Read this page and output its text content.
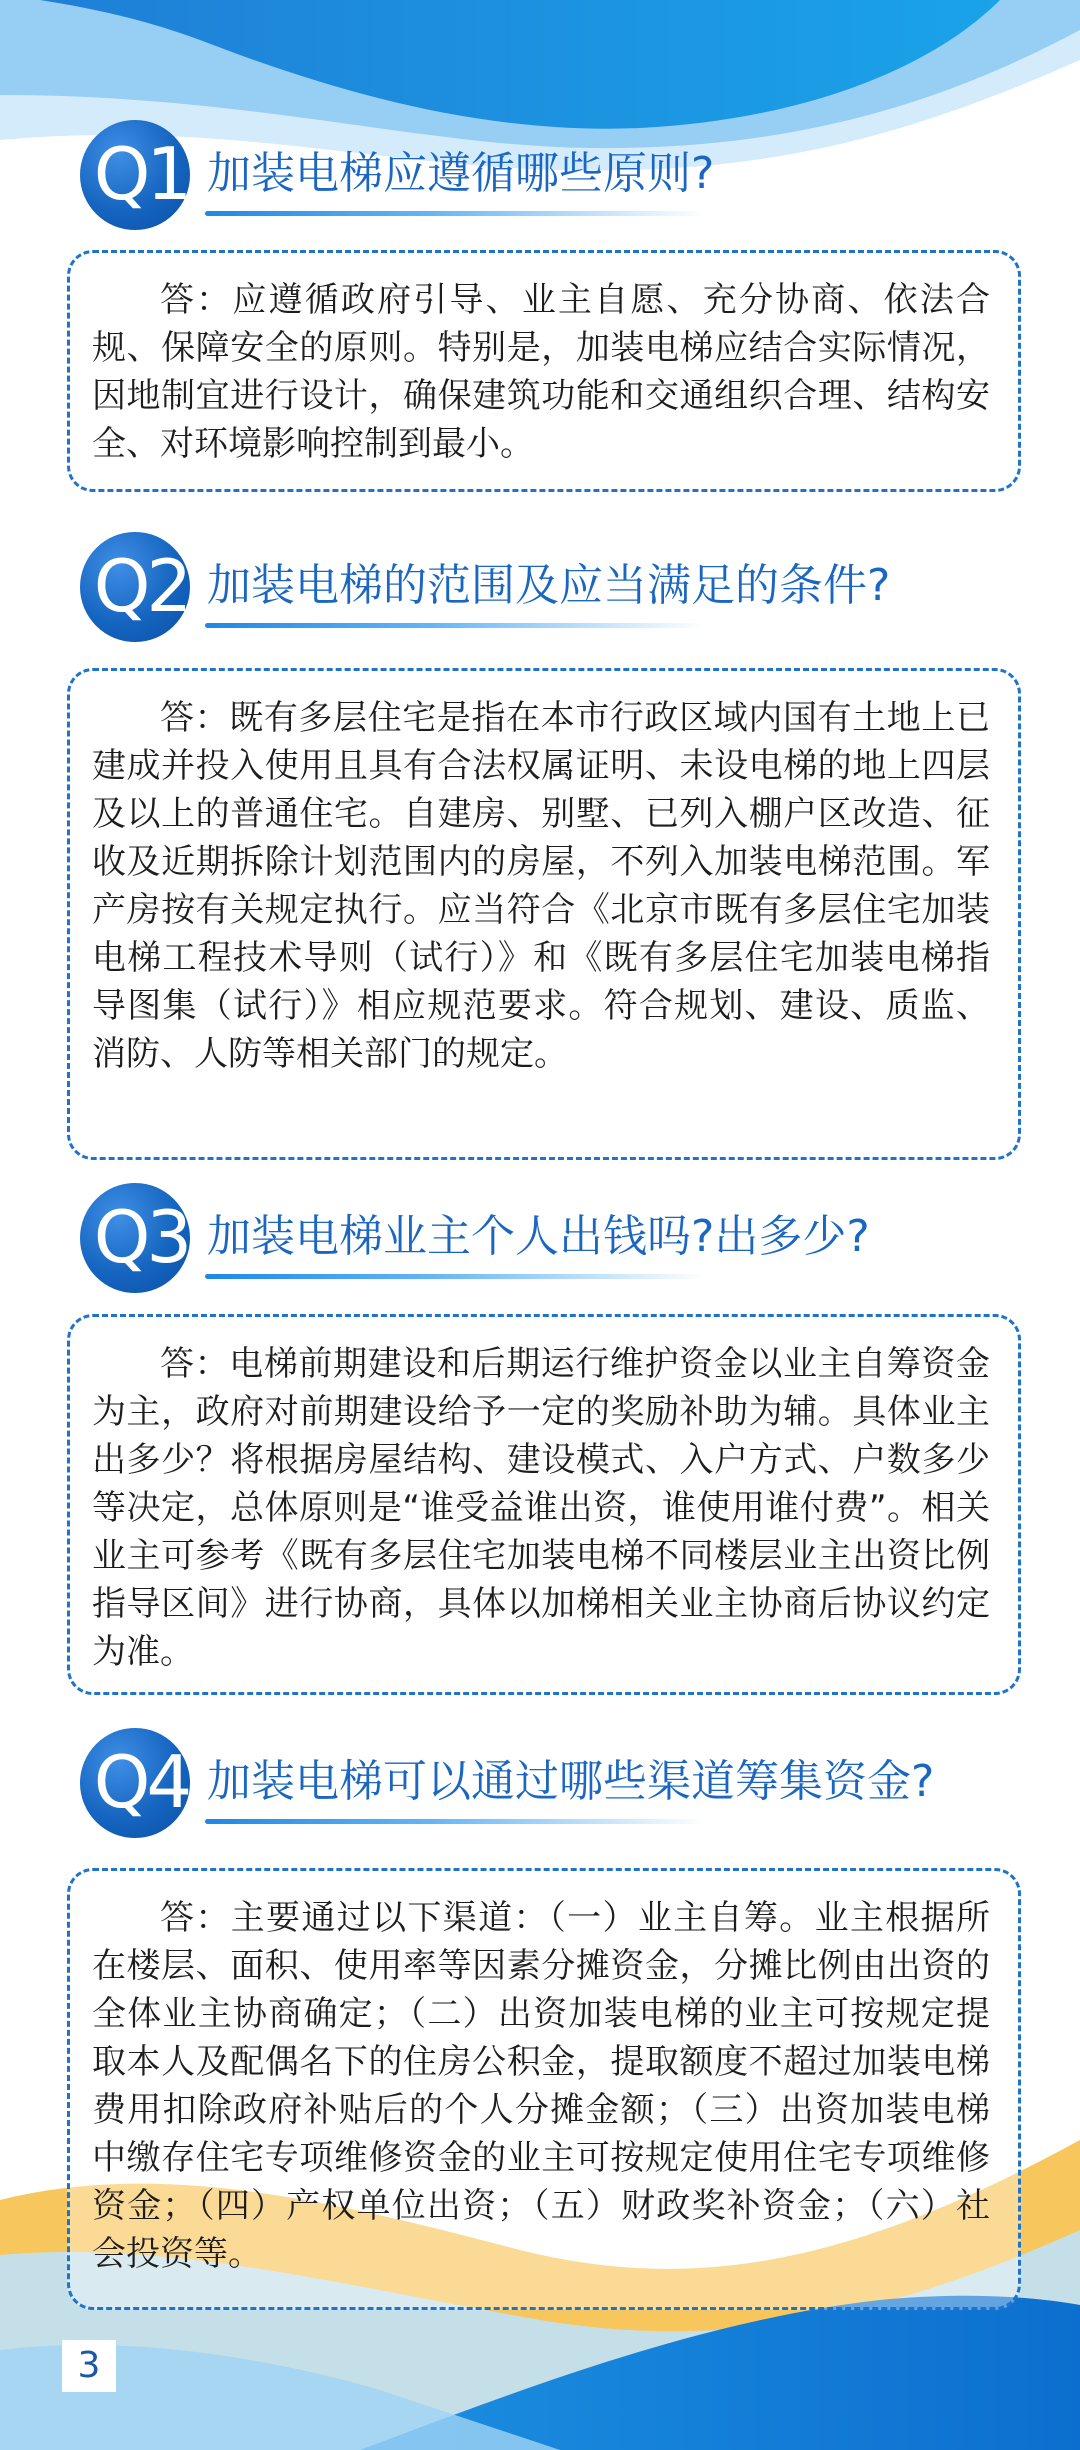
Q1 加装电梯应遵循哪些原则?

答：应遵循政府引导、业主自愿、充分协商、依法合规、保障安全的原则。特别是，加装电梯应结合实际情况，因地制宜进行设计，确保建筑功能和交通组织合理、结构安全、对环境影响控制到最小。

Q2 加装电梯的范围及应当满足的条件?

答：既有多层住宅是指在本市行政区域内国有土地上已建成并投入使用且具有合法权属证明、未设电梯的地上四层及以上的普通住宅。自建房、别墅、已列入棚户区改造、征收及近期拆除计划范围内的房屋，不列入加装电梯范围。军产房按有关规定执行。应当符合《北京市既有多层住宅加装电梯工程技术导则（试行）》和《既有多层住宅加装电梯指导图集（试行）》相应规范要求。符合规划、建设、质监、消防、人防等相关部门的规定。

Q3 加装电梯业主个人出钱吗?出多少?

答：电梯前期建设和后期运行维护资金以业主自筹资金为主，政府对前期建设给予一定的奖励补助为辅。具体业主出多少？将根据房屋结构、建设模式、入户方式、户数多少等决定，总体原则是“谁受益谁出资，谁使用谁付费”。相关业主可参考《既有多层住宅加装电梯不同楼层业主出资比例指导区间》进行协商，具体以加梯相关业主协商后协议约定为准。

Q4 加装电梯可以通过哪些渠道筹集资金?

答：主要通过以下渠道：（一）业主自筹。业主根据所在楼层、面积、使用率等因素分摊资金，分摊比例由出资的全体业主协商确定；（二）出资加装电梯的业主可按规定提取本人及配偶名下的住房公积金，提取额度不超过加装电梯费用扣除政府补贴后的个人分摊金额；（三）出资加装电梯中缴存住宅专项维修资金的业主可按规定使用住宅专项维修资金；（四）产权单位出资；（五）财政奖补资金；（六）社会投资等。

3
